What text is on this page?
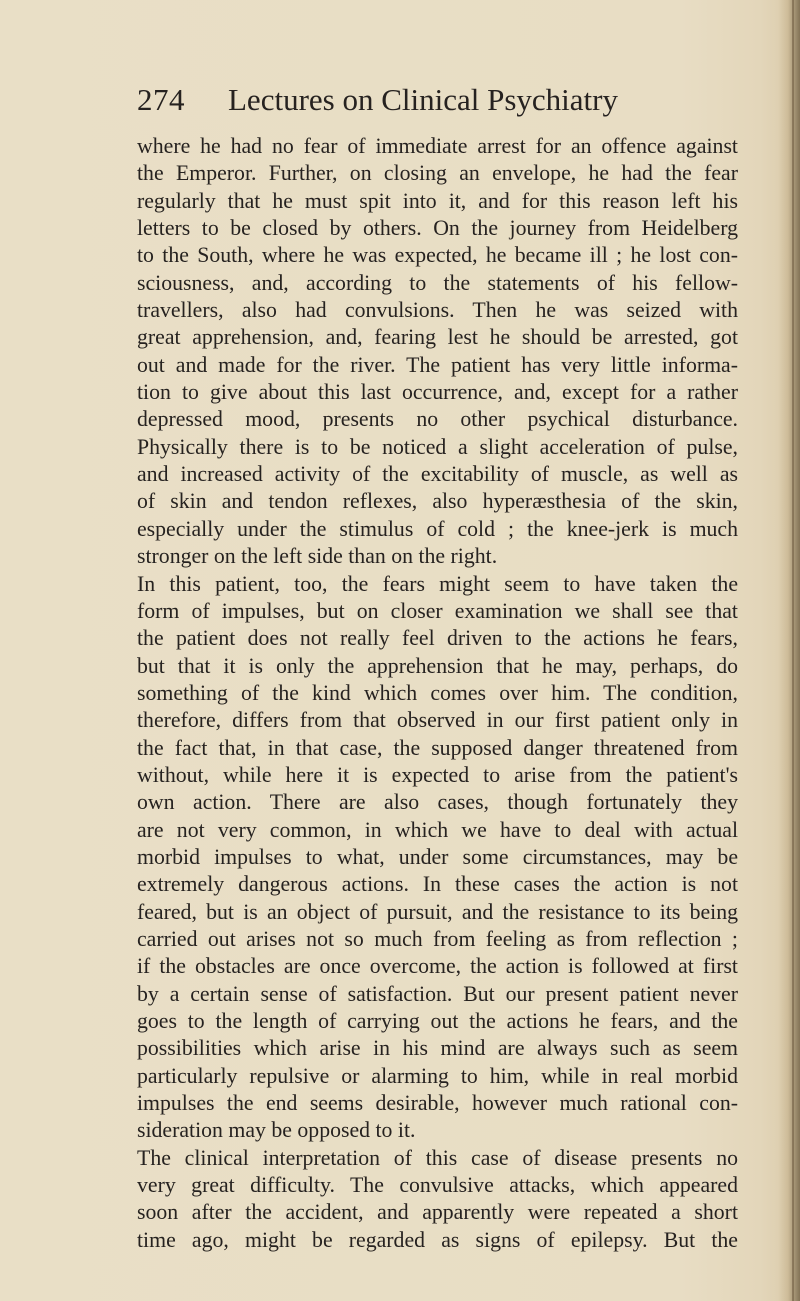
274 Lectures on Clinical Psychiatry
where he had no fear of immediate arrest for an offence against
the Emperor. Further, on closing an envelope, he had the fear
regularly that he must spit into it, and for this reason left his
letters to be closed by others. On the journey from Heidelberg
to the South, where he was expected, he became ill ; he lost con-
sciousness, and, according to the statements of his fellow-
travellers, also had convulsions. Then he was seized with
great apprehension, and, fearing lest he should be arrested, got
out and made for the river. The patient has very little informa-
tion to give about this last occurrence, and, except for a rather
depressed mood, presents no other psychical disturbance.
Physically there is to be noticed a slight acceleration of pulse,
and increased activity of the excitability of muscle, as well as
of skin and tendon reflexes, also hyperæsthesia of the skin,
especially under the stimulus of cold ; the knee-jerk is much
stronger on the left side than on the right.
In this patient, too, the fears might seem to have taken the
form of impulses, but on closer examination we shall see that
the patient does not really feel driven to the actions he fears,
but that it is only the apprehension that he may, perhaps, do
something of the kind which comes over him. The condition,
therefore, differs from that observed in our first patient only in
the fact that, in that case, the supposed danger threatened from
without, while here it is expected to arise from the patient's
own action. There are also cases, though fortunately they
are not very common, in which we have to deal with actual
morbid impulses to what, under some circumstances, may be
extremely dangerous actions. In these cases the action is not
feared, but is an object of pursuit, and the resistance to its being
carried out arises not so much from feeling as from reflection ;
if the obstacles are once overcome, the action is followed at first
by a certain sense of satisfaction. But our present patient never
goes to the length of carrying out the actions he fears, and the
possibilities which arise in his mind are always such as seem
particularly repulsive or alarming to him, while in real morbid
impulses the end seems desirable, however much rational con-
sideration may be opposed to it.
The clinical interpretation of this case of disease presents no
very great difficulty. The convulsive attacks, which appeared
soon after the accident, and apparently were repeated a short
time ago, might be regarded as signs of epilepsy. But the
